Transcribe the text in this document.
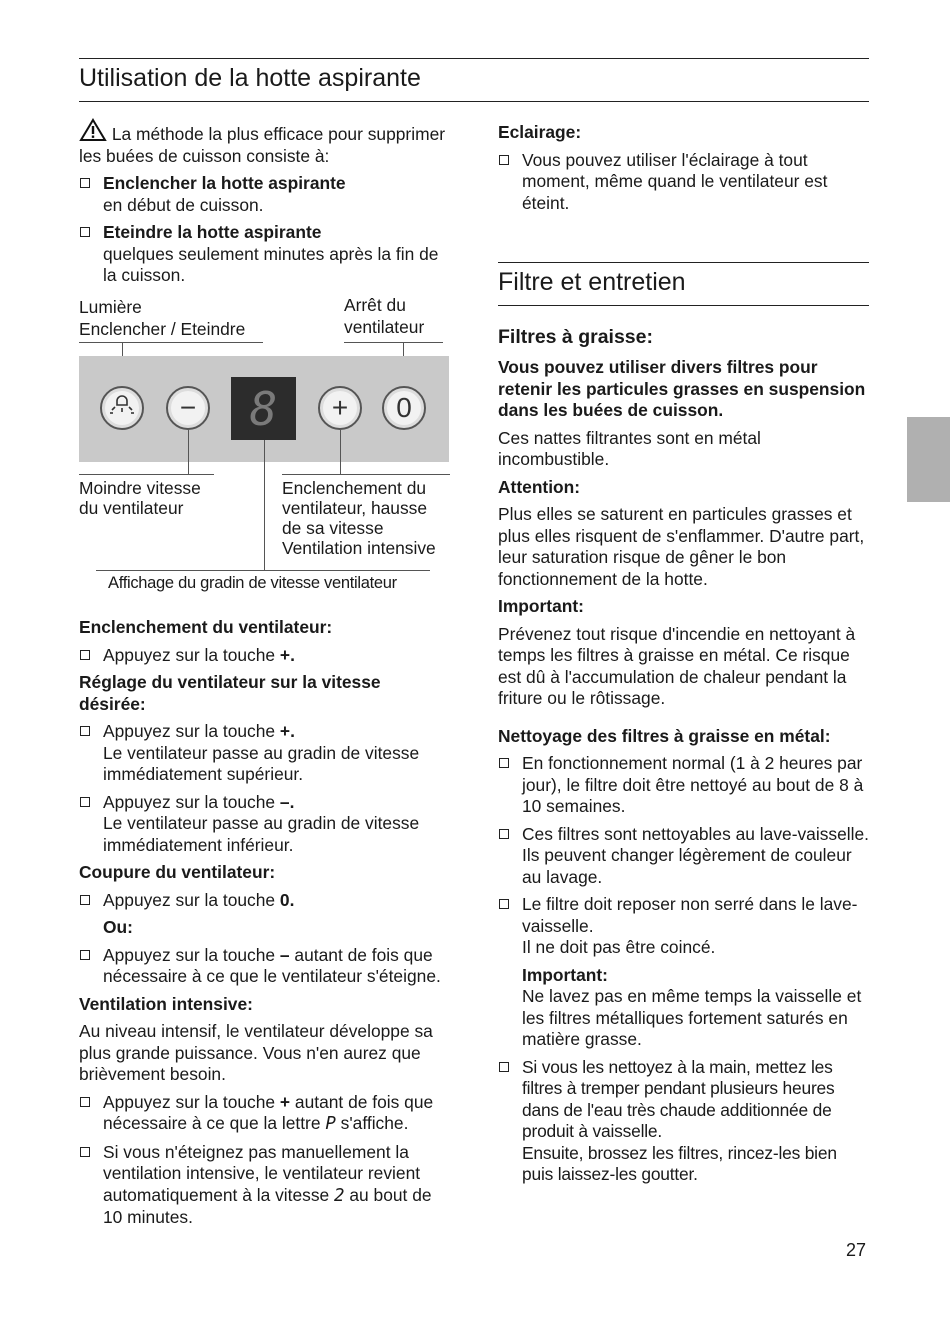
Utilisation de la hotte aspirante

La méthode la plus efficace pour supprimer les buées de cuisson consiste à:

Enclencher la hotte aspirante
en début de cuisson.
Eteindre la hotte aspirante
quelques seulement minutes après la fin de la cuisson.
Lumière
Enclencher / Eteindre
Arrêt du
ventilateur
− 8 + 0
Moindre vitesse
du ventilateur
Enclenchement du
ventilateur, hausse
de sa vitesse
Ventilation intensive
Affichage du gradin de vitesse ventilateur

Enclenchement du ventilateur:

Appuyez sur la touche +.

Réglage du ventilateur sur la vitesse désirée:

Appuyez sur la touche +.
Le ventilateur passe au gradin de vitesse immédiatement supérieur.
Appuyez sur la touche –.
Le ventilateur passe au gradin de vitesse immédiatement inférieur.

Coupure du ventilateur:

Appuyez sur la touche 0.

Ou:

Appuyez sur la touche – autant de fois que nécessaire à ce que le ventilateur s'éteigne.

Ventilation intensive:

Au niveau intensif, le ventilateur développe sa plus grande puissance. Vous n'en aurez que brièvement besoin.

Appuyez sur la touche + autant de fois que nécessaire à ce que la lettre P s'affiche.
Si vous n'éteignez pas manuellement la ventilation intensive, le ventilateur revient automatiquement à la vitesse 2 au bout de 10 minutes.

Eclairage:

Vous pouvez utiliser l'éclairage à tout moment, même quand le ventilateur est éteint.
Filtre et entretien

Filtres à graisse:

Vous pouvez utiliser divers filtres pour retenir les particules grasses en suspension dans les buées de cuisson.

Ces nattes filtrantes sont en métal incombustible.

Attention:

Plus elles se saturent en particules grasses et plus elles risquent de s'enflammer. D'autre part, leur saturation risque de gêner le bon fonctionnement de la hotte.

Important:

Prévenez tout risque d'incendie en nettoyant à temps les filtres à graisse en métal. Ce risque est dû à l'accumulation de chaleur pendant la friture ou le rôtissage.

Nettoyage des filtres à graisse en métal:

En fonctionnement normal (1 à 2 heures par jour), le filtre doit être nettoyé au bout de 8 à 10 semaines.
Ces filtres sont nettoyables au lave-vaisselle. Ils peuvent changer légèrement de couleur au lavage.
Le filtre doit reposer non serré dans le lave-vaisselle.
Il ne doit pas être coincé.
Important:
Ne lavez pas en même temps la vaisselle et les filtres métalliques fortement saturés en matière grasse.
Si vous les nettoyez à la main, mettez les filtres à tremper pendant plusieurs heures dans de l'eau très chaude additionnée de produit à vaisselle.
Ensuite, brossez les filtres, rincez-les bien puis laissez-les goutter.
27
